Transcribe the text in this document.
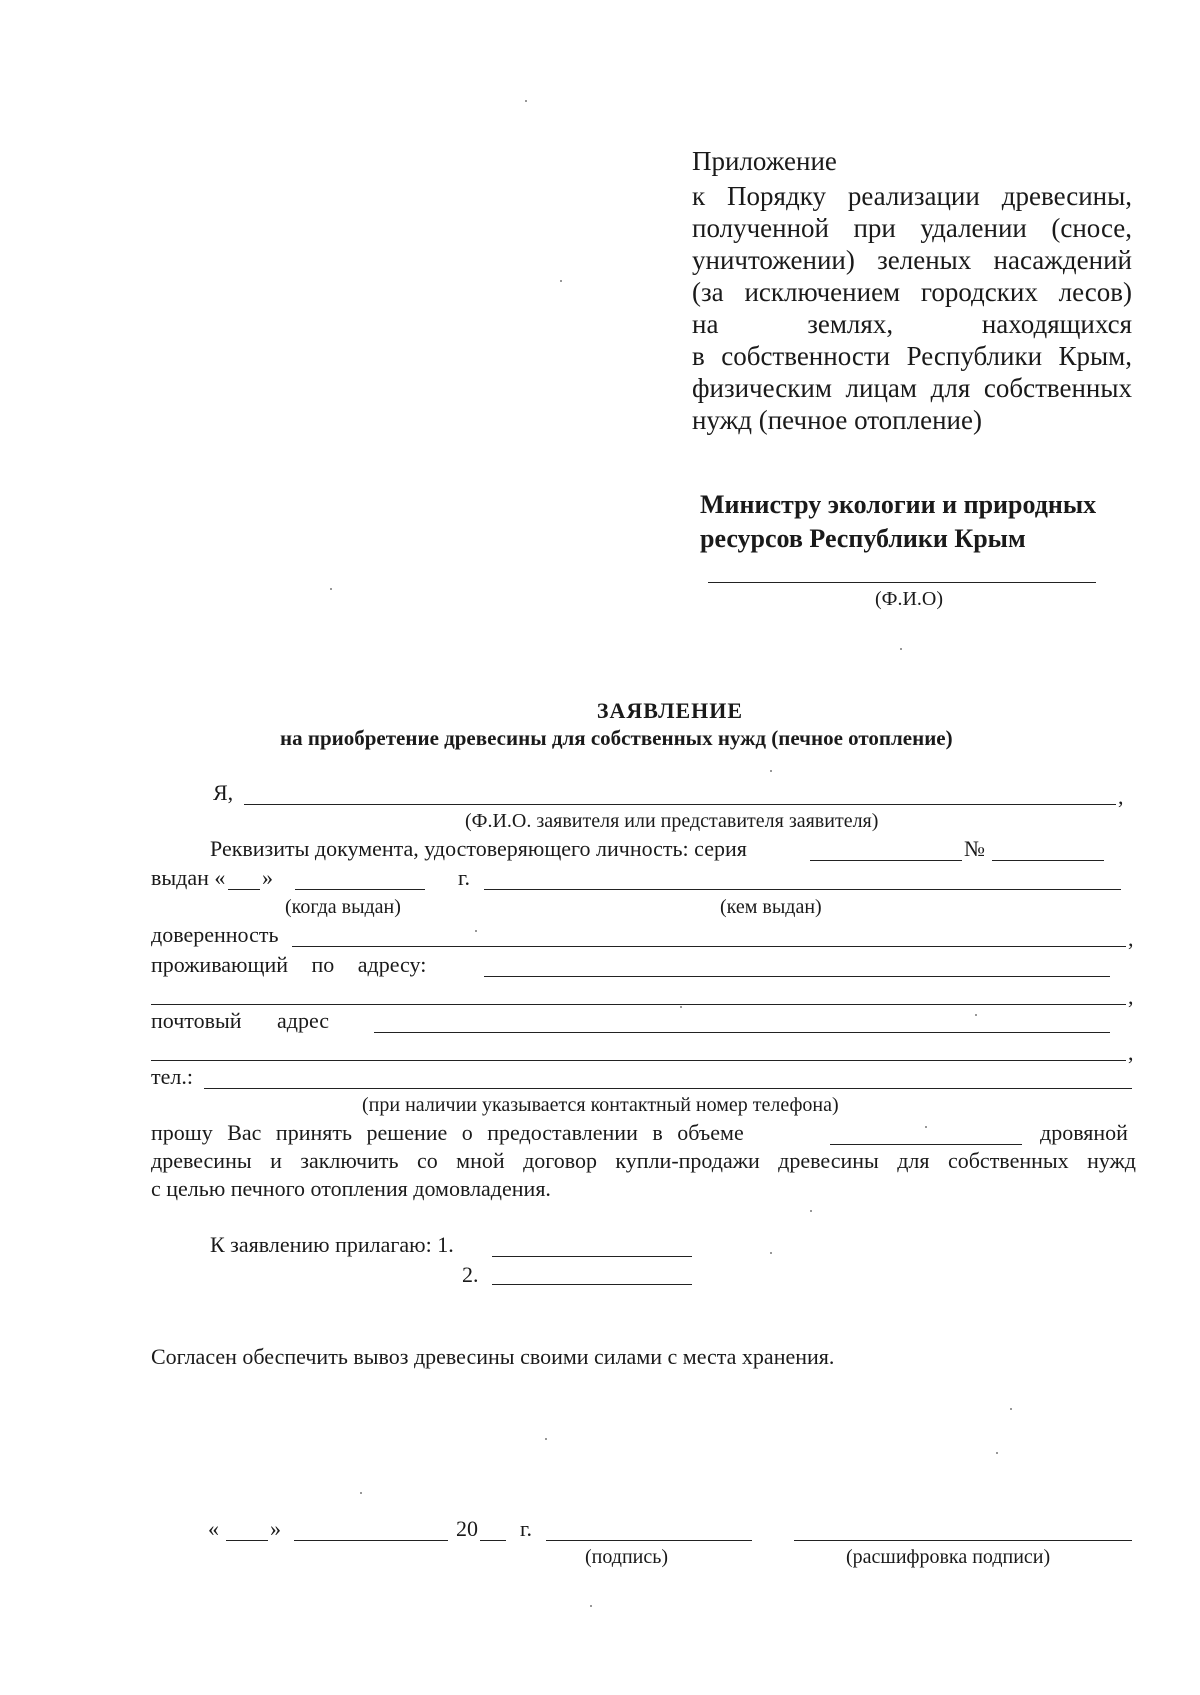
Приложение
к Порядку реализации древесины,
полученной при удалении (сносе,
уничтожении) зеленых насаждений
(за исключением городских лесов)
на землях, находящихся
в собственности Республики Крым,
физическим лицам для собственных
нужд (печное отопление)
Министру экологии и природных
ресурсов Республики Крым
(Ф.И.О)
ЗАЯВЛЕНИЕ
на приобретение древесины для собственных нужд (печное отопление)
Я,	,
(Ф.И.О. заявителя или представителя заявителя)
Реквизиты документа, удостоверяющего личность: серия	№
выдан « »	г.
(когда выдан)	(кем выдан)
доверенность	,
проживающий по адресу:
,
почтовый адрес
,
тел.:
(при наличии указывается контактный номер телефона)
прошу Вас принять решение о предоставлении в объеме	дровяной
древесины и заключить со мной договор купли-продажи древесины для собственных нужд
с целью печного отопления домовладения.
К заявлению прилагаю: 1.
2.
Согласен обеспечить вывоз древесины своими силами с места хранения.
« »	20 г.
(подпись)	(расшифровка подписи)
